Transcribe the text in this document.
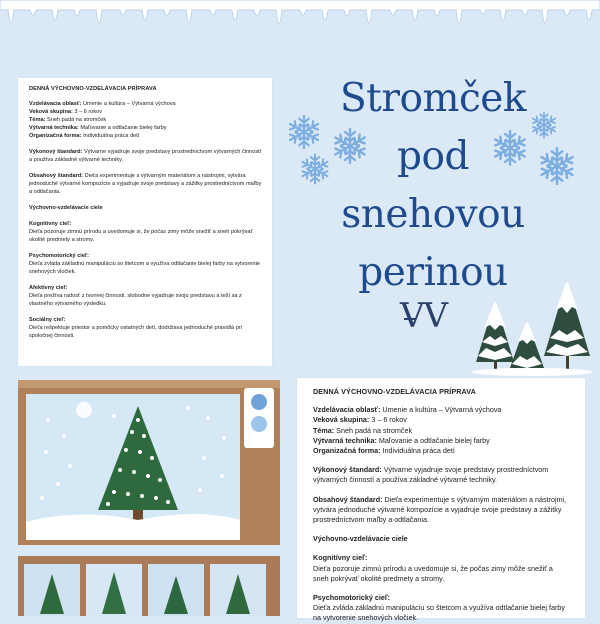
DENNÁ VÝCHOVNO-VZDELÁVACIA PRÍPRAVA
Vzdelávacia oblasť: Umenie a kultúra – Výtvarná výchova
Veková skupina: 3 – 6 rokov
Téma: Sneh padá na stromček
Výtvarná technika: Maľovanie a odtlačanie bielej farby
Organizačná forma: Individuálna práca detí
Výkonový štandard: Výtvarne vyjadruje svoje predstavy prostredníctvom výtvarných činností a používa základné výtvarné techniky.
Obsahový štandard: Dieťa experimentuje s výtvarným materiálom a nástrojmi, vytvára jednoduché výtvarné kompozície a vyjadruje svoje predstavy a zážitky prostredníctvom maľby a odtlačania.
Výchovno-vzdelávacie ciele
Kognitívny cieľ:
Dieťa pozoruje zimnú prírodu a uvedomuje si, že počas zimy môže snežiť a sneh pokrývať okolité predmety a stromy.
Psychomotorický cieľ:
Dieťa zvláda základnú manipuláciu so štetcom a využíva odtlačanie bielej farby na vytvorenie snehových vločiek.
Afektívny cieľ:
Dieťa prežíva radosť z tvorivej činnosti, slobodne vyjadruje svoju predstavu a teší sa z vlastného výtvarného výsledku.
Sociálny cieľ:
Dieťa rešpektuje priestor a pomôcky ostatných detí, dodržiava jednoduché pravidlá pri spoločnej činnosti.
Stromček
pod
snehovou
perinou
VV
DENNÁ VÝCHOVNO-VZDELÁVACIA PRÍPRAVA
Vzdelávacia oblasť: Umenie a kultúra – Výtvarná výchova
Veková skupina: 3 – 6 rokov
Téma: Sneh padá na stromček
Výtvarná technika: Maľovanie a odtlačanie bielej farby
Organizačná forma: Individuálna práca detí
Výkonový štandard: Výtvarne vyjadruje svoje predstavy prostredníctvom výtvarných činností a používa základné výtvarné techniky.
Obsahový štandard: Dieťa experimentuje s výtvarným materiálom a nástrojmi, vytvára jednoduché výtvarné kompozície a vyjadruje svoje predstavy a zážitky prostredníctvom maľby a odtlačania.
Výchovno-vzdelávacie ciele
Kognitívny cieľ:
Dieťa pozoruje zimnú prírodu a uvedomuje si, že počas zimy môže snežiť a sneh pokrývať okolité predmety a stromy.
Psychomotorický cieľ:
Dieťa zvláda základnú manipuláciu so štetcom a využíva odtlačanie bielej farby na vytvorenie snehových vločiek.
